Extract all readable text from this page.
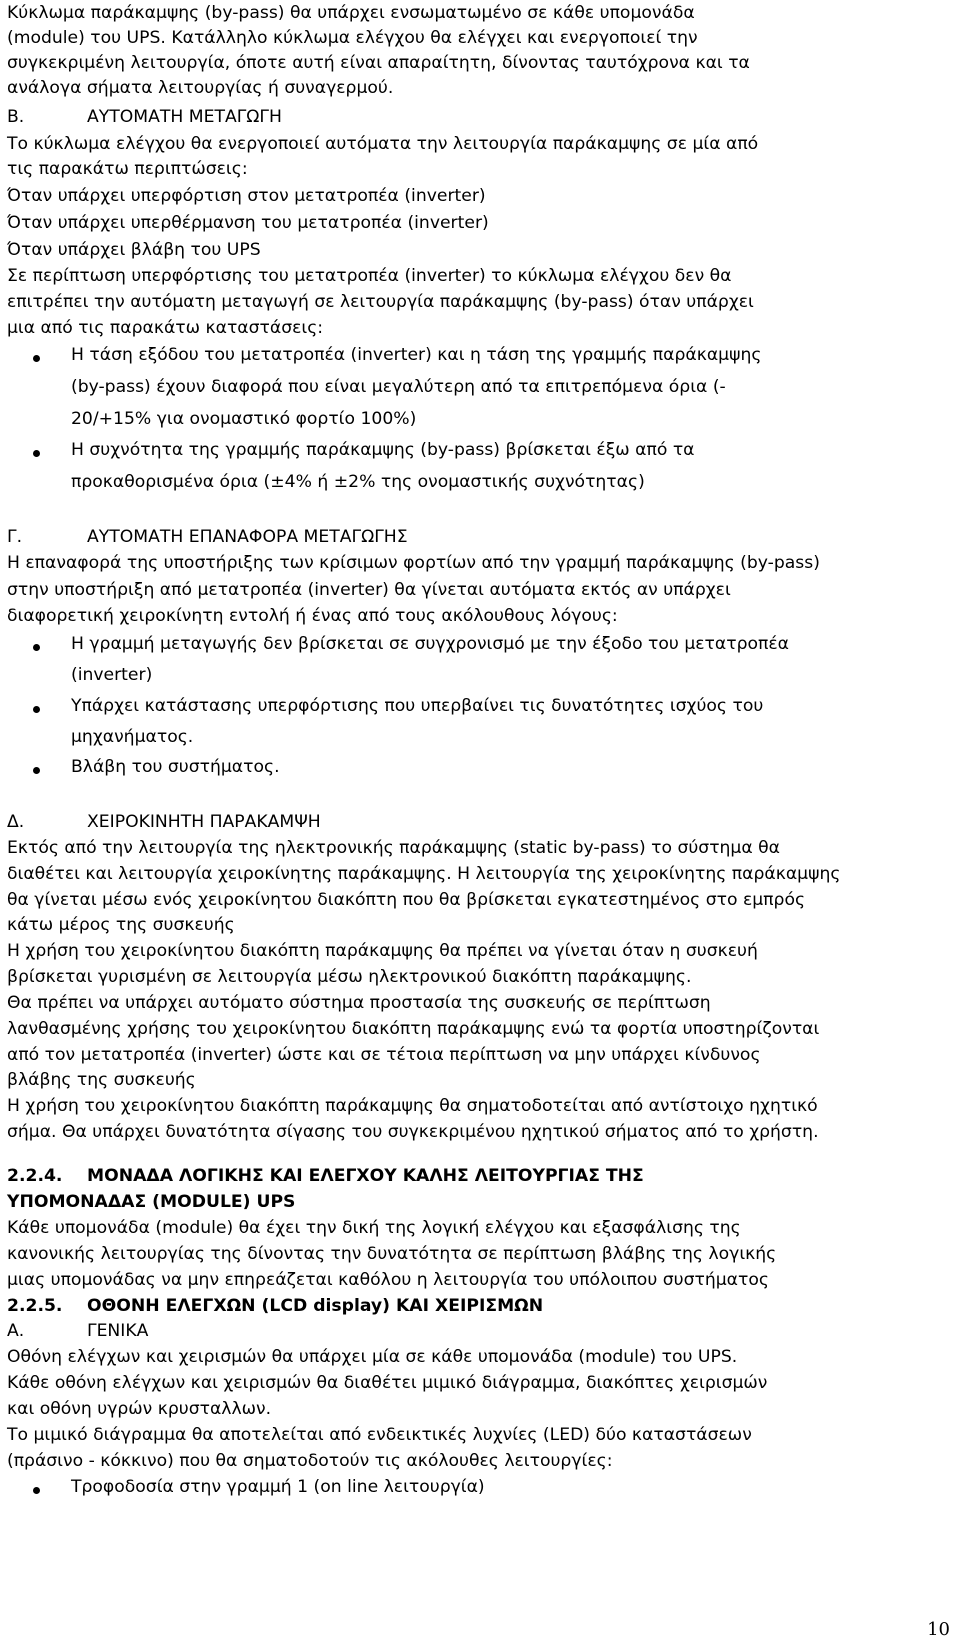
Κύκλωμα παράκαμψης (by-pass) θα υπάρχει ενσωματωμένο σε κάθε υπομονάδα
(module) του UPS. Κατάλληλο κύκλωμα ελέγχου θα ελέγχει και ενεργοποιεί την
συγκεκριμένη λειτουργία, όποτε αυτή είναι απαραίτητη, δίνοντας ταυτόχρονα και τα
ανάλογα σήματα λειτουργίας ή συναγερμού.
Β.	ΑΥΤΟΜΑΤΗ ΜΕΤΑΓΩΓΗ
Το κύκλωμα ελέγχου θα ενεργοποιεί αυτόματα την λειτουργία παράκαμψης σε μία από
τις παρακάτω περιπτώσεις:
Όταν υπάρχει υπερφόρτιση στον μετατροπέα (inverter)
Όταν υπάρχει υπερθέρμανση του μετατροπέα (inverter)
Όταν υπάρχει βλάβη του UPS
Σε περίπτωση υπερφόρτισης του μετατροπέα (inverter) το κύκλωμα ελέγχου δεν θα
επιτρέπει την αυτόματη μεταγωγή σε λειτουργία παράκαμψης (by-pass) όταν υπάρχει
μια από τις παρακάτω καταστάσεις:
Η τάση εξόδου του μετατροπέα (inverter) και η τάση της γραμμής παράκαμψης
(by-pass) έχουν διαφορά που είναι μεγαλύτερη από τα επιτρεπόμενα όρια (-
20/+15% για ονομαστικό φορτίο 100%)
Η συχνότητα της γραμμής παράκαμψης (by-pass) βρίσκεται έξω από τα
προκαθορισμένα όρια (±4% ή ±2% της ονομαστικής συχνότητας)
Γ.	ΑΥΤΟΜΑΤΗ ΕΠΑΝΑΦΟΡΑ ΜΕΤΑΓΩΓΗΣ
Η επαναφορά της υποστήριξης των κρίσιμων φορτίων από την γραμμή παράκαμψης (by-pass)
στην υποστήριξη από μετατροπέα (inverter) θα γίνεται αυτόματα εκτός αν υπάρχει
διαφορετική χειροκίνητη εντολή ή ένας από τους ακόλουθους λόγους:
Η γραμμή μεταγωγής δεν βρίσκεται σε συγχρονισμό με την έξοδο του μετατροπέα
(inverter)
Υπάρχει κατάστασης υπερφόρτισης που υπερβαίνει τις δυνατότητες ισχύος του
μηχανήματος.
Βλάβη του συστήματος.
Δ.	ΧΕΙΡΟΚΙΝΗΤΗ ΠΑΡΑΚΑΜΨΗ
Εκτός από την λειτουργία της ηλεκτρονικής παράκαμψης (static by-pass) το σύστημα θα
διαθέτει και λειτουργία χειροκίνητης παράκαμψης. Η λειτουργία της χειροκίνητης παράκαμψης
θα γίνεται μέσω ενός χειροκίνητου διακόπτη που θα βρίσκεται εγκατεστημένος στο εμπρός
κάτω μέρος της συσκευής
Η χρήση του χειροκίνητου διακόπτη παράκαμψης θα πρέπει να γίνεται όταν η συσκευή
βρίσκεται γυρισμένη σε λειτουργία μέσω ηλεκτρονικού διακόπτη παράκαμψης.
Θα πρέπει να υπάρχει αυτόματο σύστημα προστασία της συσκευής σε περίπτωση
λανθασμένης χρήσης του χειροκίνητου διακόπτη παράκαμψης ενώ τα φορτία υποστηρίζονται
από τον μετατροπέα (inverter) ώστε και σε τέτοια περίπτωση να μην υπάρχει κίνδυνος
βλάβης της συσκευής
Η χρήση του χειροκίνητου διακόπτη παράκαμψης θα σηματοδοτείται από αντίστοιχο ηχητικό
σήμα. Θα υπάρχει δυνατότητα σίγασης του συγκεκριμένου ηχητικού σήματος από το χρήστη.
2.2.4. ΜΟΝΑΔΑ ΛΟΓΙΚΗΣ ΚΑΙ ΕΛΕΓΧΟΥ ΚΑΛΗΣ ΛΕΙΤΟΥΡΓΙΑΣ ΤΗΣ
ΥΠΟΜΟΝΑΔΑΣ (MODULE) UPS
Κάθε υπομονάδα (module) θα έχει την δική της λογική ελέγχου και εξασφάλισης της
κανονικής λειτουργίας της δίνοντας την δυνατότητα σε περίπτωση βλάβης της λογικής
μιας υπομονάδας να μην επηρεάζεται καθόλου η λειτουργία του υπόλοιπου συστήματος
2.2.5. ΟΘΟΝΗ ΕΛΕΓΧΩΝ (LCD display) ΚΑΙ ΧΕΙΡΙΣΜΩΝ
Α.	ΓΕΝΙΚΑ
Οθόνη ελέγχων και χειρισμών θα υπάρχει μία σε κάθε υπομονάδα (module) του UPS.
Κάθε οθόνη ελέγχων και χειρισμών θα διαθέτει μιμικό διάγραμμα, διακόπτες χειρισμών
και οθόνη υγρών κρυσταλλων.
Το μιμικό διάγραμμα θα αποτελείται από ενδεικτικές λυχνίες (LED) δύο καταστάσεων
(πράσινο - κόκκινο) που θα σηματοδοτούν τις ακόλουθες λειτουργίες:
Τροφοδοσία στην γραμμή 1 (on line λειτουργία)
10
